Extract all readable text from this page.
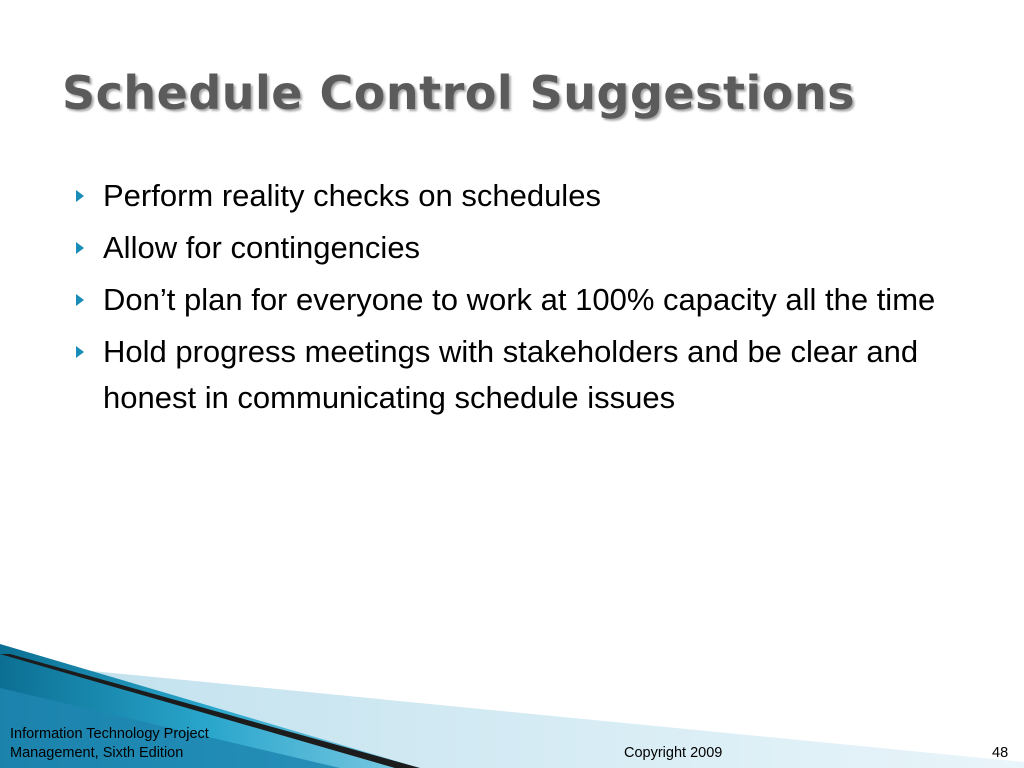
Schedule Control Suggestions
Perform reality checks on schedules
Allow for contingencies
Don’t plan for everyone to work at 100% capacity all the time
Hold progress meetings with stakeholders and be clear and honest in communicating schedule issues
Information Technology Project
Management, Sixth Edition	Copyright 2009	48
